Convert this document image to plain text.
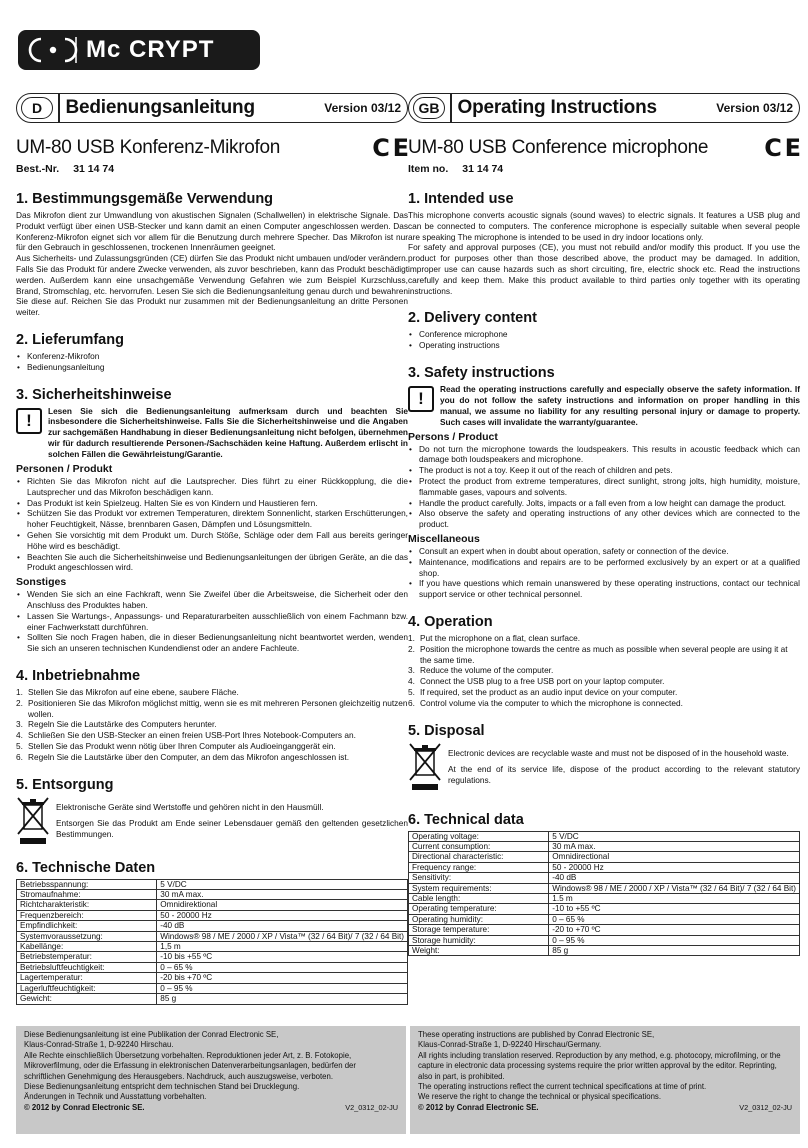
Mc CRYPT
D	Bedienungsanleitung	Version 03/12
UM-80 USB Konferenz-Mikrofon	C E
Best.-Nr. 31 14 74
1. Bestimmungsgemäße Verwendung

Das Mikrofon dient zur Umwandlung von akustischen Signalen (Schallwellen) in elektrische Signale. Das Produkt verfügt über einen USB-Stecker und kann damit an einen Computer angeschlossen werden. Das Konferenz-Mikrofon eignet sich vor allem für die Benutzung durch mehrere Specher. Das Mikrofon ist nur für den Gebrauch in geschlossenen, trockenen Innenräumen geeignet.

Aus Sicherheits- und Zulassungsgründen (CE) dürfen Sie das Produkt nicht umbauen und/oder verändern. Falls Sie das Produkt für andere Zwecke verwenden, als zuvor beschrieben, kann das Produkt beschädigt werden. Außerdem kann eine unsachgemäße Verwendung Gefahren wie zum Beispiel Kurzschluss, Brand, Stromschlag, etc. hervorrufen. Lesen Sie sich die Bedienungsanleitung genau durch und bewahren Sie diese auf. Reichen Sie das Produkt nur zusammen mit der Bedienungsanleitung an dritte Personen weiter.

2. Lieferumfang
• Konferenz-Mikrofon
• Bedienungsanleitung
3. Sicherheitshinweise
!	Lesen Sie sich die Bedienungsanleitung aufmerksam durch und beachten Sie insbesondere die Sicherheitshinweise. Falls Sie die Sicherheitshinweise und die Angaben zur sachgemäßen Handhabung in dieser Bedienungsanleitung nicht befolgen, übernehmen wir für dadurch resultierende Personen-/Sachschäden keine Haftung. Außerdem erlischt in solchen Fällen die Gewährleistung/Garantie.

Personen / Produkt
• Richten Sie das Mikrofon nicht auf die Lautsprecher. Dies führt zu einer Rückkopplung, die die Lautsprecher und das Mikrofon beschädigen kann.
• Das Produkt ist kein Spielzeug. Halten Sie es von Kindern und Haustieren fern.
• Schützen Sie das Produkt vor extremen Temperaturen, direktem Sonnenlicht, starken Erschütterungen, hoher Feuchtigkeit, Nässe, brennbaren Gasen, Dämpfen und Lösungsmitteln.
• Gehen Sie vorsichtig mit dem Produkt um. Durch Stöße, Schläge oder dem Fall aus bereits geringer Höhe wird es beschädigt.
• Beachten Sie auch die Sicherheitshinweise und Bedienungsanleitungen der übrigen Geräte, an die das Produkt angeschlossen wird.
Sonstiges
• Wenden Sie sich an eine Fachkraft, wenn Sie Zweifel über die Arbeitsweise, die Sicherheit oder den Anschluss des Produktes haben.
• Lassen Sie Wartungs-, Anpassungs- und Reparaturarbeiten ausschließlich von einem Fachmann bzw. einer Fachwerkstatt durchführen.
• Sollten Sie noch Fragen haben, die in dieser Bedienungsanleitung nicht beantwortet werden, wenden Sie sich an unseren technischen Kundendienst oder an andere Fachleute.
4. Inbetriebnahme
1. Stellen Sie das Mikrofon auf eine ebene, saubere Fläche.
2. Positionieren Sie das Mikrofon möglichst mittig, wenn sie es mit mehreren Personen gleichzeitig nutzen wollen.
3. Regeln Sie die Lautstärke des Computers herunter.
4. Schließen Sie den USB-Stecker an einen freien USB-Port Ihres Notebook-Computers an.
5. Stellen Sie das Produkt wenn nötig über Ihren Computer als Audioeinganggerät ein.
6. Regeln Sie die Lautstärke über den Computer, an dem das Mikrofon angeschlossen ist.
5. Entsorgung

Elektronische Geräte sind Wertstoffe und gehören nicht in den Hausmüll.

Entsorgen Sie das Produkt am Ende seiner Lebensdauer gemäß den geltenden gesetzlichen Bestimmungen.

6. Technische Daten
Betriebsspannung:	5 V/DC
Stromaufnahme:	30 mA max.
Richtcharakteristik:	Omnidirektional
Frequenzbereich:	50 - 20000 Hz
Empfindlichkeit:	-40 dB
Systemvoraussetzung:	Windows® 98 / ME / 2000 / XP / Vista™ (32 / 64 Bit)/ 7 (32 / 64 Bit)
Kabellänge:	1,5 m
Betriebstemperatur:	-10 bis +55 ºC
Betriebsluftfeuchtigkeit:	0 – 65 %
Lagertemperatur:	-20 bis +70 ºC
Lagerluftfeuchtigkeit:	0 – 95 %
Gewicht:	85 g
GB Operating Instructions	Version 03/12
UM-80 USB Conference microphone C E
Item no. 31 14 74
1. Intended use

This microphone converts acoustic signals (sound waves) to electric signals. It features a USB plug and can be connected to computers. The conference microphone is especially suitable when several people are speaking The microphone is intended to be used in dry indoor locations only.

For safety and approval purposes (CE), you must not rebuild and/or modify this product. If you use the product for purposes other than those described above, the product may be damaged. In addition, improper use can cause hazards such as short circuiting, fire, electric shock etc. Read the instructions carefully and keep them. Make this product available to third parties only together with its operating instructions.

2. Delivery content
• Conference microphone
• Operating instructions
3. Safety instructions
!	Read the operating instructions carefully and especially observe the safety information. If you do not follow the safety instructions and information on proper handling in this manual, we assume no liability for any resulting personal injury or damage to property. Such cases will invalidate the warranty/guarantee.

Persons / Product
• Do not turn the microphone towards the loudspeakers. This results in acoustic feedback which can damage both loudspeakers and microphone.
• The product is not a toy. Keep it out of the reach of children and pets.
• Protect the product from extreme temperatures, direct sunlight, strong jolts, high humidity, moisture, flammable gases, vapours and solvents.
• Handle the product carefully. Jolts, impacts or a fall even from a low height can damage the product.
• Also observe the safety and operating instructions of any other devices which are connected to the product.
Miscellaneous
• Consult an expert when in doubt about operation, safety or connection of the device.
• Maintenance, modifications and repairs are to be performed exclusively by an expert or at a qualified shop.
• If you have questions which remain unanswered by these operating instructions, contact our technical support service or other technical personnel.
4. Operation
1. Put the microphone on a flat, clean surface.
2. Position the microphone towards the centre as much as possible when several people are using it at the same time.
3. Reduce the volume of the computer.
4. Connect the USB plug to a free USB port on your laptop computer.
5. If required, set the product as an audio input device on your computer.
6. Control volume via the computer to which the microphone is connected.
5. Disposal

Electronic devices are recyclable waste and must not be disposed of in the household waste.

At the end of its service life, dispose of the product according to the relevant statutory regulations.

6. Technical data
Operating voltage:	5 V/DC
Current consumption:	30 mA max.
Directional characteristic:	Omnidirectional
Frequency range:	50 - 20000 Hz
Sensitivity:	-40 dB
System requirements:	Windows® 98 / ME / 2000 / XP / Vista™ (32 / 64 Bit)/ 7 (32 / 64 Bit)
Cable length:	1.5 m
Operating temperature:	-10 to +55 ºC
Operating humidity:	0 – 65 %
Storage temperature:	-20 to +70 ºC
Storage humidity:	0 – 95 %
Weight:	85 g
Diese Bedienungsanleitung ist eine Publikation der Conrad Electronic SE,
Klaus-Conrad-Straße 1, D-92240 Hirschau.
Alle Rechte einschließlich Übersetzung vorbehalten. Reproduktionen jeder Art, z. B. Fotokopie, Mikroverfilmung, oder die Erfassung in elektronischen Datenverarbeitungsanlagen, bedürfen der schriftlichen Genehmigung des Herausgebers. Nachdruck, auch auszugsweise, verboten.
Diese Bedienungsanleitung entspricht dem technischen Stand bei Drucklegung.
Änderungen in Technik und Ausstattung vorbehalten.
© 2012 by Conrad Electronic SE.	V2_0312_02-JU
These operating instructions are published by Conrad Electronic SE,
Klaus-Conrad-Straße 1, D-92240 Hirschau/Germany.
All rights including translation reserved. Reproduction by any method, e.g. photocopy, microfilming, or the capture in electronic data processing systems require the prior written approval by the editor. Reprinting, also in part, is prohibited.
The operating instructions reflect the current technical specifications at time of print.
We reserve the right to change the technical or physical specifications.
© 2012 by Conrad Electronic SE.	V2_0312_02-JU
